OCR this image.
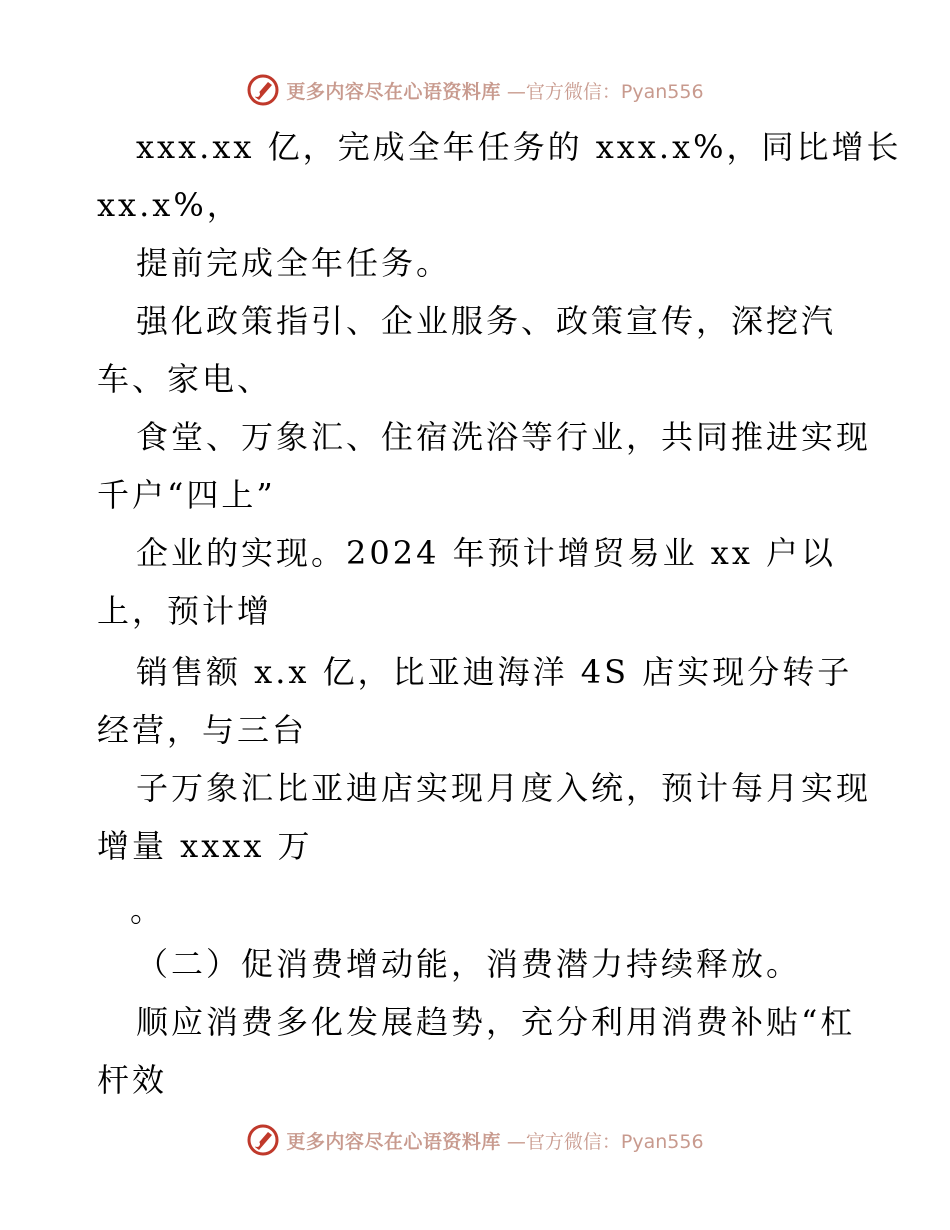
更多内容尽在心语资料库 —官方微信：Pyan556
xxx.xx 亿，完成全年任务的 xxx.x%，同比增长
xx.x%，
提前完成全年任务。
强化政策指引、企业服务、政策宣传，深挖汽
车、家电、
食堂、万象汇、住宿洗浴等行业，共同推进实现
千户“四上”
企业的实现。2024 年预计增贸易业 xx 户以
上，预计增
销售额 x.x 亿，比亚迪海洋 4S 店实现分转子
经营，与三台
子万象汇比亚迪店实现月度入统，预计每月实现
增量 xxxx 万
。
（二）促消费增动能，消费潜力持续释放。
顺应消费多化发展趋势，充分利用消费补贴“杠
杆效
更多内容尽在心语资料库 —官方微信：Pyan556
